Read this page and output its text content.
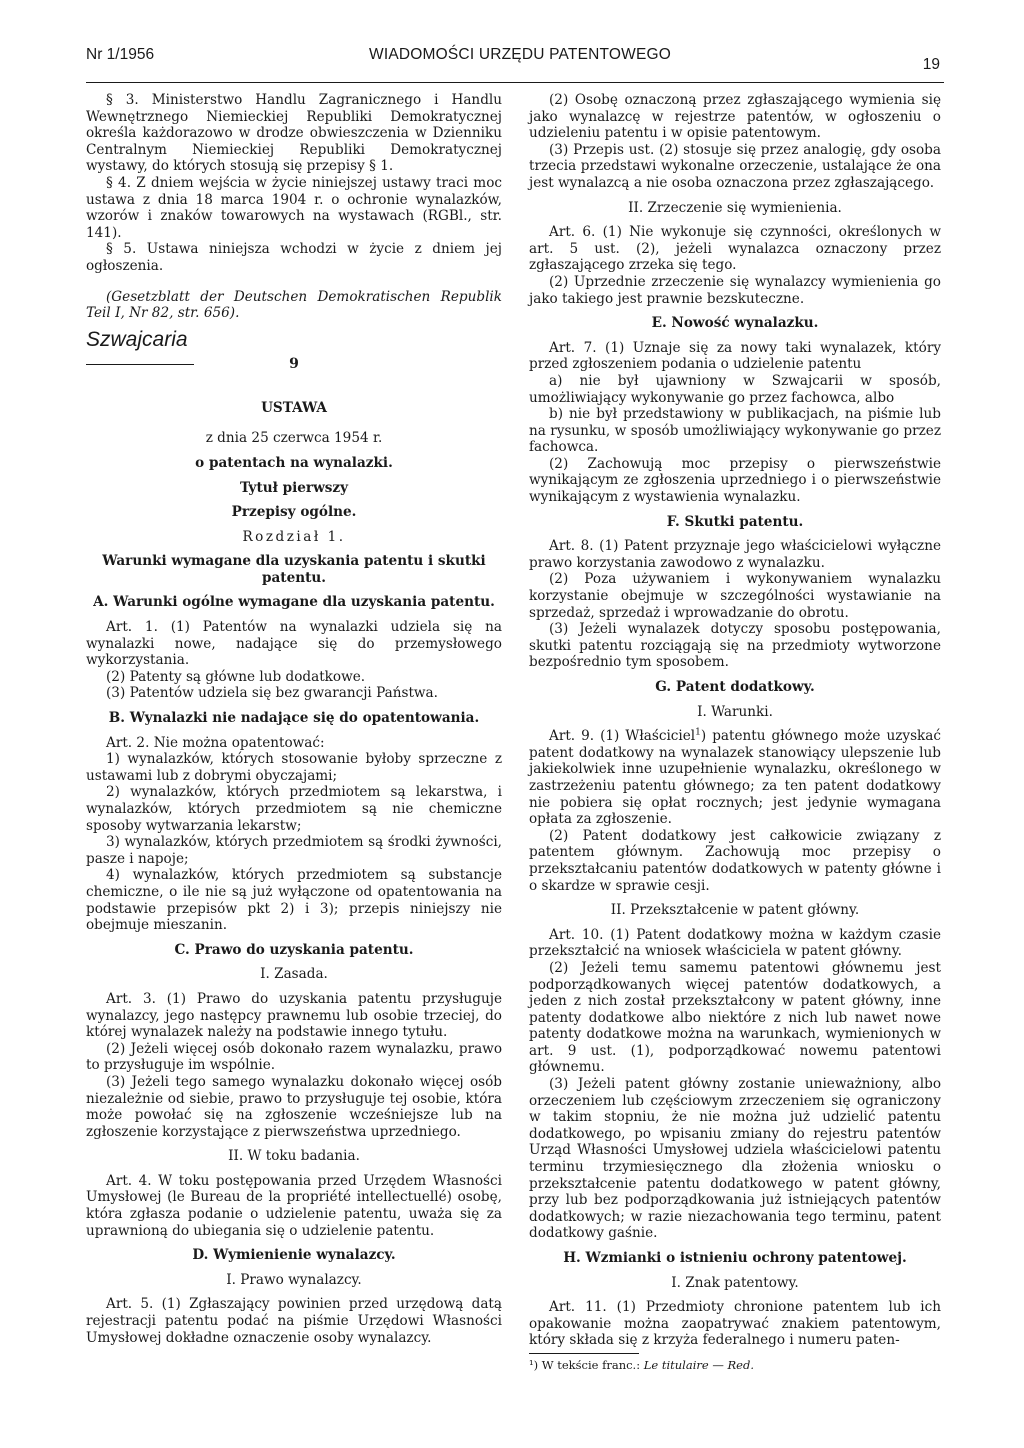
Nr 1/1956	WIADOMOŚCI URZĘDU PATENTOWEGO
19

§ 3. Ministerstwo Handlu Zagranicznego i Handlu Wewnętrznego Niemieckiej Republiki Demokratycznej określa każdorazowo w drodze obwieszczenia w Dzienniku Centralnym Niemieckiej Republiki Demokratycznej wystawy, do których stosują się przepisy § 1.

§ 4. Z dniem wejścia w życie niniejszej ustawy traci moc ustawa z dnia 18 marca 1904 r. o ochronie wynalazków, wzorów i znaków towarowych na wystawach (RGBl., str. 141).

§ 5. Ustawa niniejsza wchodzi w życie z dniem jej ogłoszenia.

(Gesetzblatt der Deutschen Demokratischen Republik Teil I, Nr 82, str. 656).

Szwajcaria
9

USTAWA

z dnia 25 czerwca 1954 r.

o patentach na wynalazki.

Tytuł pierwszy

Przepisy ogólne.

Rozdział 1.

Warunki wymagane dla uzyskania patentu i skutki patentu.

A. Warunki ogólne wymagane dla uzyskania patentu.

Art. 1. (1) Patentów na wynalazki udziela się na wynalazki nowe, nadające się do przemysłowego wykorzystania.

(2) Patenty są główne lub dodatkowe.

(3) Patentów udziela się bez gwarancji Państwa.

B. Wynalazki nie nadające się do opatentowania.

Art. 2. Nie można opatentować:

1) wynalazków, których stosowanie byłoby sprzeczne z ustawami lub z dobrymi obyczajami;

2) wynalazków, których przedmiotem są lekarstwa, i wynalazków, których przedmiotem są nie chemiczne sposoby wytwarzania lekarstw;

3) wynalazków, których przedmiotem są środki żywności, pasze i napoje;

4) wynalazków, których przedmiotem są substancje chemiczne, o ile nie są już wyłączone od opatentowania na podstawie przepisów pkt 2) i 3); przepis niniejszy nie obejmuje mieszanin.

C. Prawo do uzyskania patentu.

I. Zasada.

Art. 3. (1) Prawo do uzyskania patentu przysługuje wynalazcy, jego następcy prawnemu lub osobie trzeciej, do której wynalazek należy na podstawie innego tytułu.

(2) Jeżeli więcej osób dokonało razem wynalazku, prawo to przysługuje im wspólnie.

(3) Jeżeli tego samego wynalazku dokonało więcej osób niezależnie od siebie, prawo to przysługuje tej osobie, która może powołać się na zgłoszenie wcześniejsze lub na zgłoszenie korzystające z pierwszeństwa uprzedniego.

II. W toku badania.

Art. 4. W toku postępowania przed Urzędem Własności Umysłowej (le Bureau de la propriété intellectuellé) osobę, która zgłasza podanie o udzielenie patentu, uważa się za uprawnioną do ubiegania się o udzielenie patentu.

D. Wymienienie wynalazcy.

I. Prawo wynalazcy.

Art. 5. (1) Zgłaszający powinien przed urzędową datą rejestracji patentu podać na piśmie Urzędowi Własności Umysłowej dokładne oznaczenie osoby wynalazcy.

(2) Osobę oznaczoną przez zgłaszającego wymienia się jako wynalazcę w rejestrze patentów, w ogłoszeniu o udzieleniu patentu i w opisie patentowym.

(3) Przepis ust. (2) stosuje się przez analogię, gdy osoba trzecia przedstawi wykonalne orzeczenie, ustalające że ona jest wynalazcą a nie osoba oznaczona przez zgłaszającego.

II. Zrzeczenie się wymienienia.

Art. 6. (1) Nie wykonuje się czynności, określonych w art. 5 ust. (2), jeżeli wynalazca oznaczony przez zgłaszającego zrzeka się tego.

(2) Uprzednie zrzeczenie się wynalazcy wymienienia go jako takiego jest prawnie bezskuteczne.

E. Nowość wynalazku.

Art. 7. (1) Uznaje się za nowy taki wynalazek, który przed zgłoszeniem podania o udzielenie patentu

a) nie był ujawniony w Szwajcarii w sposób, umożliwiający wykonywanie go przez fachowca, albo

b) nie był przedstawiony w publikacjach, na piśmie lub na rysunku, w sposób umożliwiający wykonywanie go przez fachowca.

(2) Zachowują moc przepisy o pierwszeństwie wynikającym ze zgłoszenia uprzedniego i o pierwszeństwie wynikającym z wystawienia wynalazku.

F. Skutki patentu.

Art. 8. (1) Patent przyznaje jego właścicielowi wyłączne prawo korzystania zawodowo z wynalazku.

(2) Poza używaniem i wykonywaniem wynalazku korzystanie obejmuje w szczególności wystawianie na sprzedaż, sprzedaż i wprowadzanie do obrotu.

(3) Jeżeli wynalazek dotyczy sposobu postępowania, skutki patentu rozciągają się na przedmioty wytworzone bezpośrednio tym sposobem.

G. Patent dodatkowy.

I. Warunki.

Art. 9. (1) Właściciel$^1$) patentu głównego może uzyskać patent dodatkowy na wynalazek stanowiący ulepszenie lub jakiekolwiek inne uzupełnienie wynalazku, określonego w zastrzeżeniu patentu głównego; za ten patent dodatkowy nie pobiera się opłat rocznych; jest jedynie wymagana opłata za zgłoszenie.

(2) Patent dodatkowy jest całkowicie związany z patentem głównym. Zachowują moc przepisy o przekształcaniu patentów dodatkowych w patenty główne i o skardze w sprawie cesji.

II. Przekształcenie w patent główny.

Art. 10. (1) Patent dodatkowy można w każdym czasie przekształcić na wniosek właściciela w patent główny.

(2) Jeżeli temu samemu patentowi głównemu jest podporządkowanych więcej patentów dodatkowych, a jeden z nich został przekształcony w patent główny, inne patenty dodatkowe albo niektóre z nich lub nawet nowe patenty dodatkowe można na warunkach, wymienionych w art. 9 ust. (1), podporządkować nowemu patentowi głównemu.

(3) Jeżeli patent główny zostanie unieważniony, albo orzeczeniem lub częściowym zrzeczeniem się ograniczony w takim stopniu, że nie można już udzielić patentu dodatkowego, po wpisaniu zmiany do rejestru patentów Urząd Własności Umysłowej udziela właścicielowi patentu terminu trzymiesięcznego dla złożenia wniosku o przekształcenie patentu dodatkowego w patent główny, przy lub bez podporządkowania już istniejących patentów dodatkowych; w razie niezachowania tego terminu, patent dodatkowy gaśnie.

H. Wzmianki o istnieniu ochrony patentowej.

I. Znak patentowy.

Art. 11. (1) Przedmioty chronione patentem lub ich opakowanie można zaopatrywać znakiem patentowym, który składa się z krzyża federalnego i numeru paten-

¹) W tekście franc.: Le titulaire — Red.
